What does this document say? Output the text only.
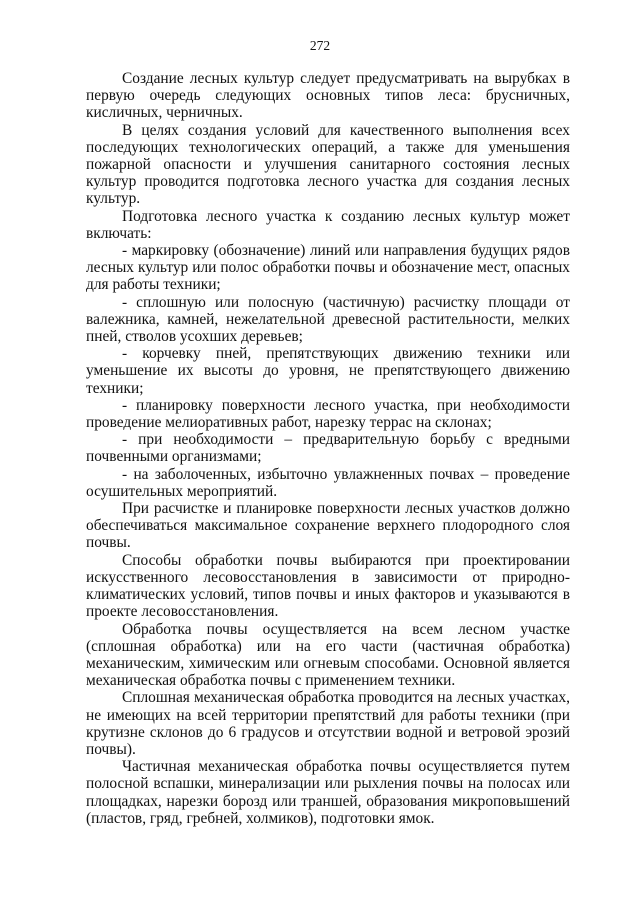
272

Создание лесных культур следует предусматривать на вырубках в первую очередь следующих основных типов леса: брусничных, кисличных, черничных.

В целях создания условий для качественного выполнения всех последующих технологических операций, а также для уменьшения пожарной опасности и улучшения санитарного состояния лесных культур проводится подготовка лесного участка для создания лесных культур.

Подготовка лесного участка к созданию лесных культур может включать:

- маркировку (обозначение) линий или направления будущих рядов лесных культур или полос обработки почвы и обозначение мест, опасных для работы техники;

- сплошную или полосную (частичную) расчистку площади от валежника, камней, нежелательной древесной растительности, мелких пней, стволов усохших деревьев;

- корчевку пней, препятствующих движению техники или уменьшение их высоты до уровня, не препятствующего движению техники;

- планировку поверхности лесного участка, при необходимости проведение мелиоративных работ, нарезку террас на склонах;

- при необходимости – предварительную борьбу с вредными почвенными организмами;

- на заболоченных, избыточно увлажненных почвах – проведение осушительных мероприятий.

При расчистке и планировке поверхности лесных участков должно обеспечиваться максимальное сохранение верхнего плодородного слоя почвы.

Способы обработки почвы выбираются при проектировании искусственного лесовосстановления в зависимости от природно-климатических условий, типов почвы и иных факторов и указываются в проекте лесовосстановления.

Обработка почвы осуществляется на всем лесном участке (сплошная обработка) или на его части (частичная обработка) механическим, химическим или огневым способами. Основной является механическая обработка почвы с применением техники.

Сплошная механическая обработка проводится на лесных участках, не имеющих на всей территории препятствий для работы техники (при крутизне склонов до 6 градусов и отсутствии водной и ветровой эрозий почвы).

Частичная механическая обработка почвы осуществляется путем полосной вспашки, минерализации или рыхления почвы на полосах или площадках, нарезки борозд или траншей, образования микроповышений (пластов, гряд, гребней, холмиков), подготовки ямок.
